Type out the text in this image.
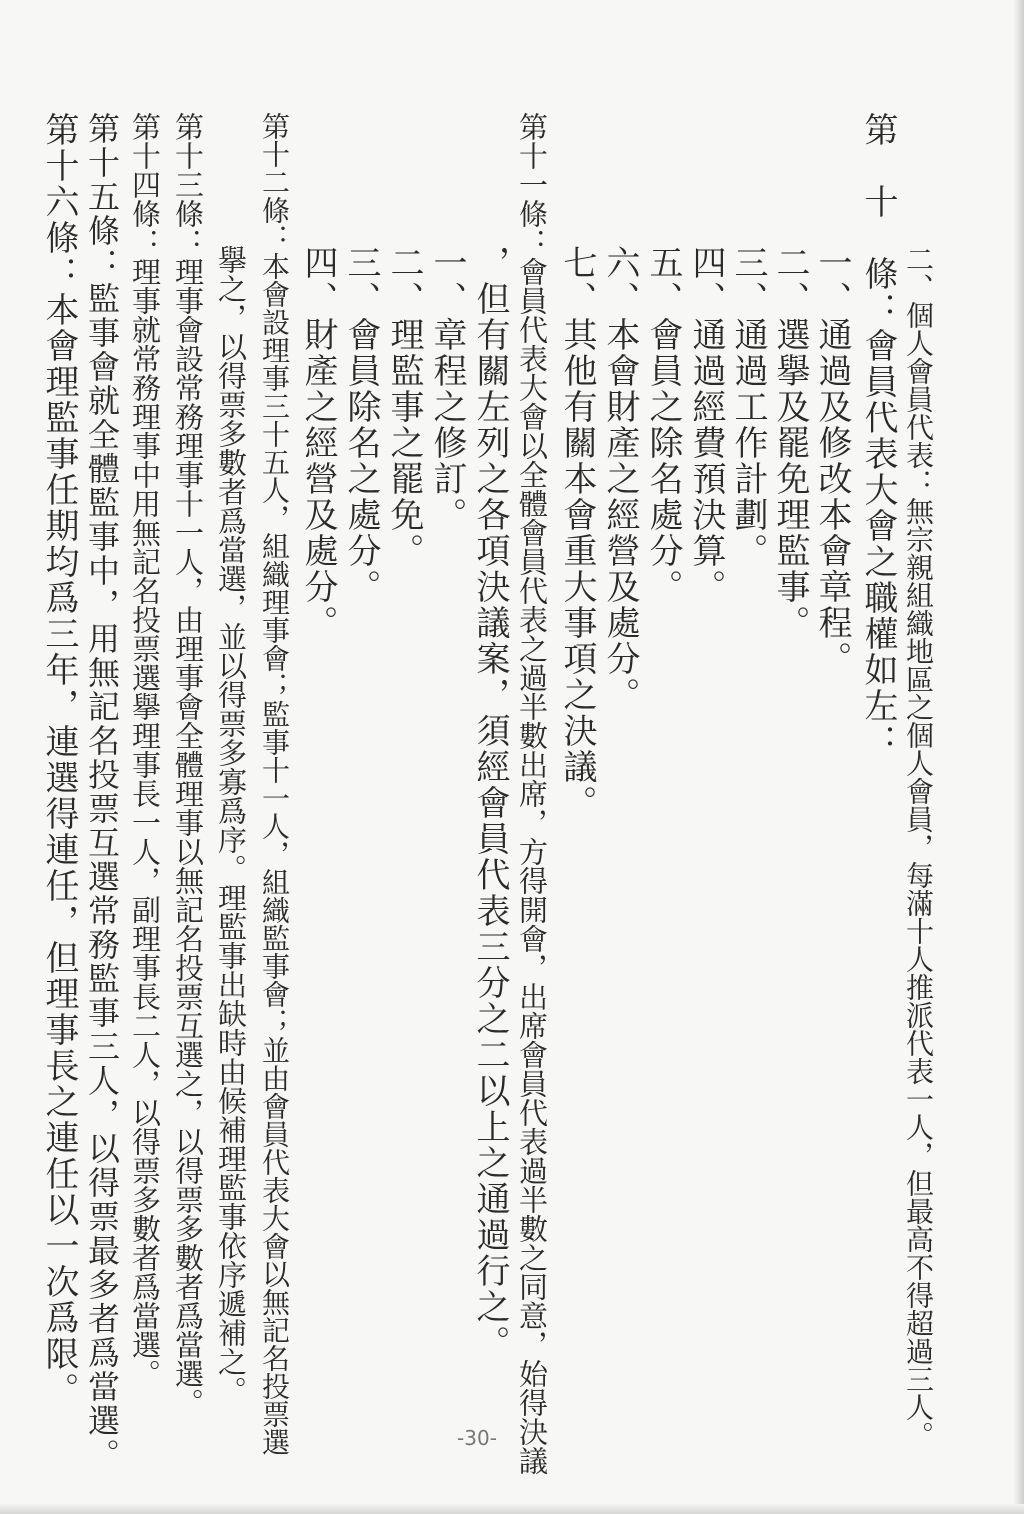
第　十　條：會員代表大會之職權如左： 二、個人會員代表：無宗親組織地區之個人會員，每滿十人推派代表一人，但最高不得超過三人。
一、通過及修改本會章程。
二、選擧及罷免理監事。
三、通過工作計劃。
四、通過經費預決算。
五、會員之除名處分。
六、本會財產之經營及處分。
七、其他有關本會重大事項之決議。
第十一條：會員代表大會以全體會員代表之過半數出席，方得開會，出席會員代表過半數之同意，始得決議
，但有關左列之各項決議案，須經會員代表三分之二以上之通過行之。
一、章程之修訂。
二、理監事之罷免。
三、會員除名之處分。
四、財產之經營及處分。
第十二條：本會設理事三十五人，組織理事會；監事十一人，組織監事會；並由會員代表大會以無記名投票選
擧之，以得票多數者爲當選，並以得票多寡爲序。理監事出缺時由候補理監事依序遞補之。
第十三條：理事會設常務理事十一人，由理事會全體理事以無記名投票互選之，以得票多數者爲當選。
第十四條：理事就常務理事中用無記名投票選擧理事長一人，副理事長二人，以得票多數者爲當選。
第十五條：監事會就全體監事中，用無記名投票互選常務監事三人，以得票最多者爲當選。
第十六條：本會理監事任期均爲三年，連選得連任，但理事長之連任以一次爲限。
-30-
